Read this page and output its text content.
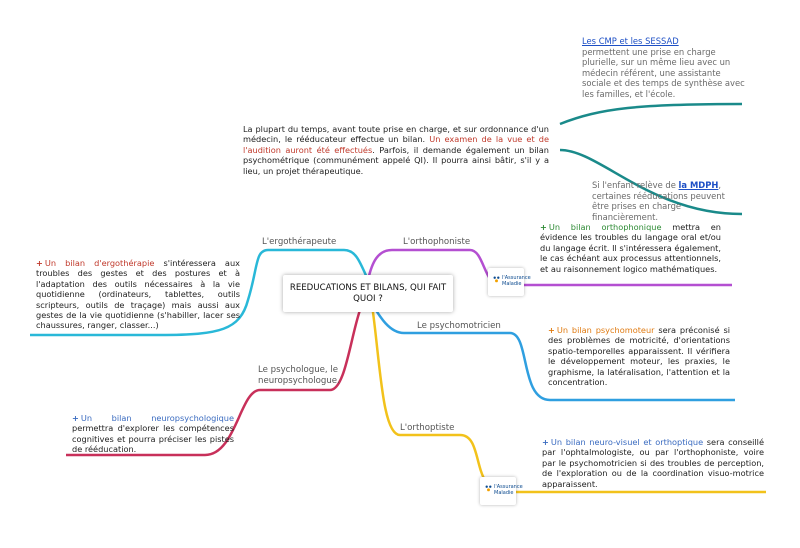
REEDUCATIONS ET BILANS, QUI FAIT QUOI ?
L'ergothérapeute	L'orthophoniste
Le psychomotricien
Le psychologue, le neuropsychologue.
L'orthoptiste
La plupart du temps, avant toute prise en charge, et sur ordonnance d'un médecin, le rééducateur effectue un bilan. Un examen de la vue et de l'audition auront été effectués. Parfois, il demande également un bilan psychométrique (communément appelé QI). Il pourra ainsi bâtir, s'il y a lieu, un projet thérapeutique.
Les CMP et les SESSAD
permettent une prise en charge plurielle, sur un même lieu avec un médecin référent, une assistante sociale et des temps de synthèse avec les familles, et l'école.
Si l'enfant relève de la MDPH, certaines rééducations peuvent être prises en charge financièrement.
+ Un bilan d'ergothérapie s'intéressera aux troubles des gestes et des postures et à l'adaptation des outils nécessaires à la vie quotidienne (ordinateurs, tablettes, outils scripteurs, outils de traçage) mais aussi aux gestes de la vie quotidienne (s'habiller, lacer ses chaussures, ranger, classer...)
+ Un bilan orthophonique mettra en évidence les troubles du langage oral et/ou du langage écrit. Il s'intéressera également, le cas échéant aux processus attentionnels, et au raisonnement logico mathématiques.
+ Un bilan psychomoteur sera préconisé si des problèmes de motricité, d'orientations spatio-temporelles apparaissent. Il vérifiera le développement moteur, les praxies, le graphisme, la latéralisation, l'attention et la concentration.
+ Un bilan neuropsychologique permettra d'explorer les compétences cognitives et pourra préciser les pistes de rééducation.
+ Un bilan neuro-visuel et orthoptique sera conseillé par l'ophtalmologiste, ou par l'orthophoniste, voire par le psychomotricien si des troubles de perception, de l'exploration ou de la coordination visuo-motrice apparaissent.
l'Assurance Maladie
l'Assurance Maladie
